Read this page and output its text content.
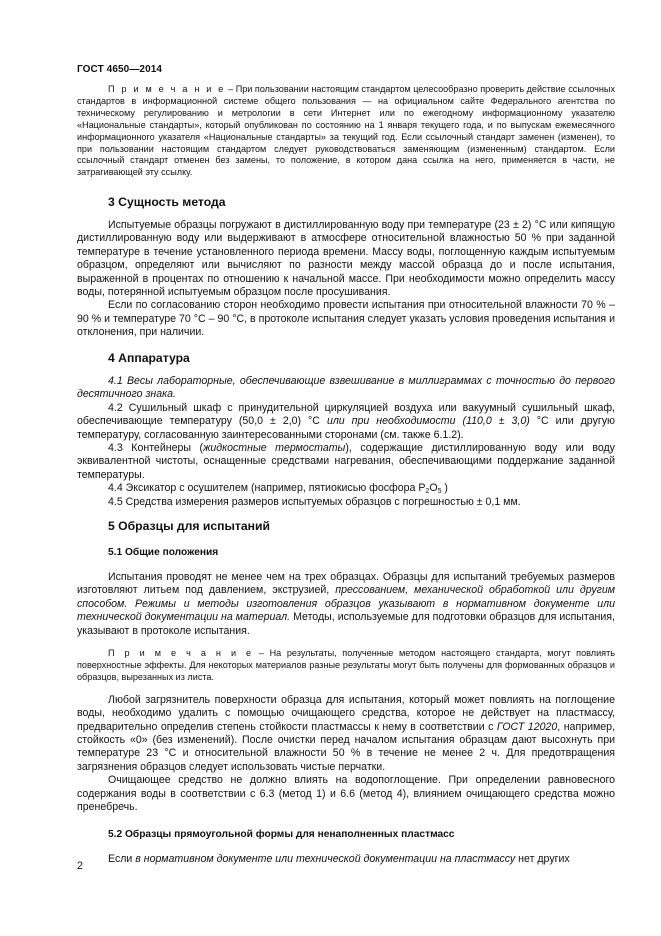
ГОСТ 4650—2014

П р и м е ч а н и е – При пользовании настоящим стандартом целесообразно проверить действие ссылочных стандартов в информационной системе общего пользования — на официальном сайте Федерального агентства по техническому регулированию и метрологии в сети Интернет или по ежегодному информационному указателю «Национальные стандарты», который опубликован по состоянию на 1 января текущего года, и по выпускам ежемесячного информационного указателя «Национальные стандарты» за текущий год. Если ссылочный стандарт заменен (изменен), то при пользовании настоящим стандартом следует руководствоваться заменяющим (измененным) стандартом. Если ссылочный стандарт отменен без замены, то положение, в котором дана ссылка на него, применяется в части, не затрагивающей эту ссылку.

3 Сущность метода

Испытуемые образцы погружают в дистиллированную воду при температуре (23 ± 2) °C или кипящую дистиллированную воду или выдерживают в атмосфере относительной влажностью 50 % при заданной температуре в течение установленного периода времени. Массу воды, поглощенную каждым испытуемым образцом, определяют или вычисляют по разности между массой образца до и после испытания, выраженной в процентах по отношению к начальной массе. При необходимости можно определить массу воды, потерянной испытуемым образцом после просушивания.

Если по согласованию сторон необходимо провести испытания при относительной влажности 70 % – 90 % и температуре 70 °C – 90 °C, в протоколе испытания следует указать условия проведения испытания и отклонения, при наличии.

4 Аппаратура

4.1 Весы лабораторные, обеспечивающие взвешивание в миллиграммах с точностью до первого десятичного знака.

4.2 Сушильный шкаф с принудительной циркуляцией воздуха или вакуумный сушильный шкаф, обеспечивающие температуру (50,0 ± 2,0) °C или при необходимости (110,0 ± 3,0) °C или другую температуру, согласованную заинтересованными сторонами (см. также 6.1.2).

4.3 Контейнеры (жидкостные термостаты), содержащие дистиллированную воду или воду эквивалентной чистоты, оснащенные средствами нагревания, обеспечивающими поддержание заданной температуры.

4.4 Эксикатор с осушителем (например, пятиокисью фосфора $P_2O_5$ )

4.5 Средства измерения размеров испытуемых образцов с погрешностью ± 0,1 мм.

5 Образцы для испытаний
5.1 Общие положения

Испытания проводят не менее чем на трех образцах. Образцы для испытаний требуемых размеров изготовляют литьем под давлением, экструзией, прессованием, механической обработкой или другим способом. Режимы и методы изготовления образцов указывают в нормативном документе или технической документации на материал. Методы, используемые для подготовки образцов для испытания, указывают в протоколе испытания.

П р и м е ч а н и е – На результаты, полученные методом настоящего стандарта, могут повлиять поверхностные эффекты. Для некоторых материалов разные результаты могут быть получены для формованных образцов и образцов, вырезанных из листа.

Любой загрязнитель поверхности образца для испытания, который может повлиять на поглощение воды, необходимо удалить с помощью очищающего средства, которое не действует на пластмассу, предварительно определив степень стойкости пластмассы к нему в соответствии с ГОСТ 12020, например, стойкость «0» (без изменений). После очистки перед началом испытания образцам дают высохнуть при температуре 23 °C и относительной влажности 50 % в течение не менее 2 ч. Для предотвращения загрязнения образцов следует использовать чистые перчатки.

Очищающее средство не должно влиять на водопоглощение. При определении равновесного содержания воды в соответствии с 6.3 (метод 1) и 6.6 (метод 4), влиянием очищающего средства можно пренебречь.

5.2 Образцы прямоугольной формы для ненаполненных пластмасс

Если в нормативном документе или технической документации на пластмассу нет других

2
